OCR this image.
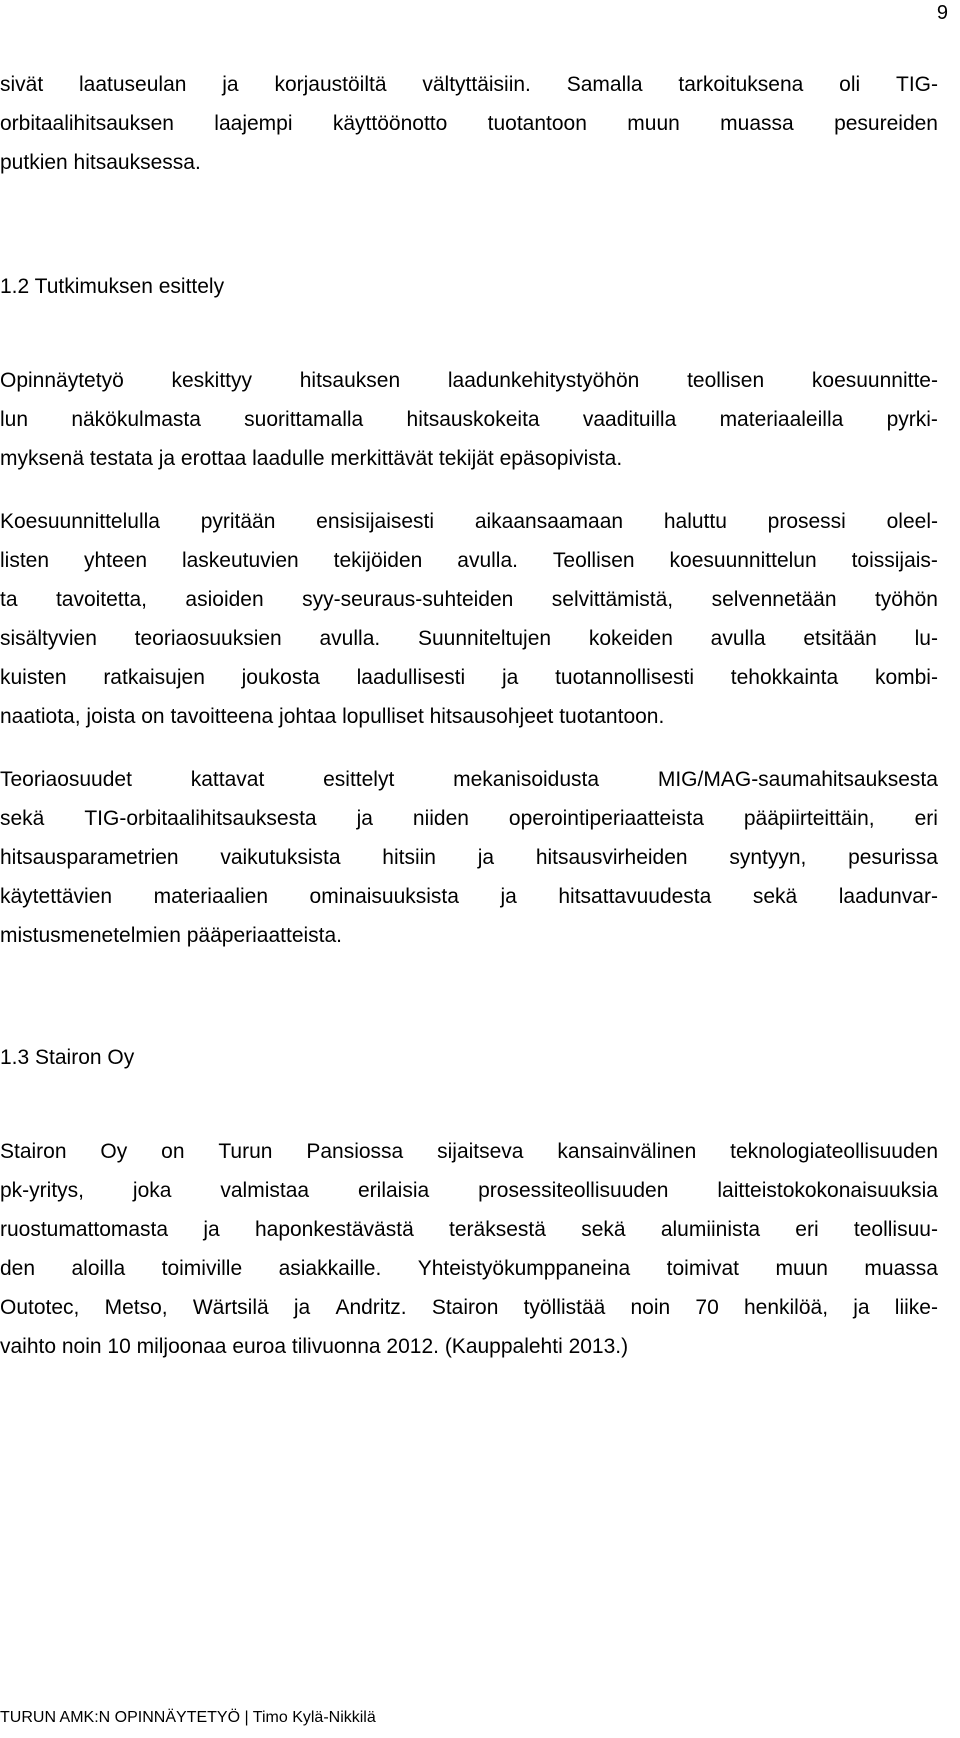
9

sivät laatuseulan ja korjaustöiltä vältyttäisiin. Samalla tarkoituksena oli TIG-

orbitaalihitsauksen laajempi käyttöönotto tuotantoon muun muassa pesureiden

putkien hitsauksessa.

1.2 Tutkimuksen esittely

Opinnäytetyö keskittyy hitsauksen laadunkehitystyöhön teollisen koesuunnitte-

lun näkökulmasta suorittamalla hitsauskokeita vaadituilla materiaaleilla pyrki-

myksenä testata ja erottaa laadulle merkittävät tekijät epäsopivista.

Koesuunnittelulla pyritään ensisijaisesti aikaansaamaan haluttu prosessi oleel-

listen yhteen laskeutuvien tekijöiden avulla. Teollisen koesuunnittelun toissijais-

ta tavoitetta, asioiden syy-seuraus-suhteiden selvittämistä, selvennetään työhön

sisältyvien teoriaosuuksien avulla. Suunniteltujen kokeiden avulla etsitään lu-

kuisten ratkaisujen joukosta laadullisesti ja tuotannollisesti tehokkainta kombi-

naatiota, joista on tavoitteena johtaa lopulliset hitsausohjeet tuotantoon.

Teoriaosuudet	kattavat	esittelyt	mekanisoidusta	MIG/MAG-saumahitsauksesta

sekä TIG-orbitaalihitsauksesta ja niiden operointiperiaatteista pääpiirteittäin, eri

hitsausparametrien vaikutuksista hitsiin ja hitsausvirheiden syntyyn, pesurissa

käytettävien materiaalien ominaisuuksista ja hitsattavuudesta sekä laadunvar-

mistusmenetelmien pääperiaatteista.

1.3 Stairon Oy

Stairon Oy on Turun Pansiossa sijaitseva kansainvälinen teknologiateollisuuden

pk-yritys, joka valmistaa erilaisia prosessiteollisuuden laitteistokokonaisuuksia

ruostumattomasta ja haponkestävästä teräksestä sekä alumiinista eri teollisuu-

den aloilla toimiville asiakkaille. Yhteistyökumppaneina toimivat muun muassa

Outotec, Metso, Wärtsilä ja Andritz. Stairon työllistää noin 70 henkilöä, ja liike-

vaihto noin 10 miljoonaa euroa tilivuonna 2012. (Kauppalehti 2013.)

TURUN AMK:N OPINNÄYTETYÖ | Timo Kylä-Nikkilä
